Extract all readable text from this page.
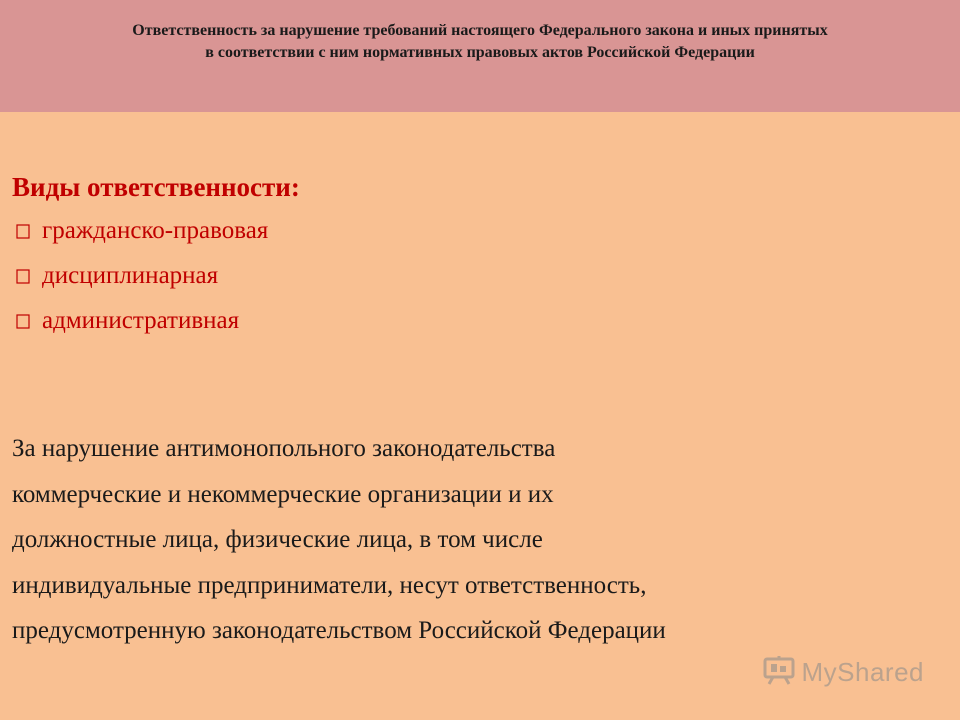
Ответственность за нарушение требований настоящего Федерального закона и иных принятых
в соответствии с ним нормативных правовых актов Российской Федерации
Виды ответственности:
гражданско-правовая
дисциплинарная
административная

За нарушение антимонопольного законодательства
коммерческие и некоммерческие организации и их
должностные лица, физические лица, в том числе
индивидуальные предприниматели, несут ответственность,
предусмотренную законодательством Российской Федерации

MyShared
